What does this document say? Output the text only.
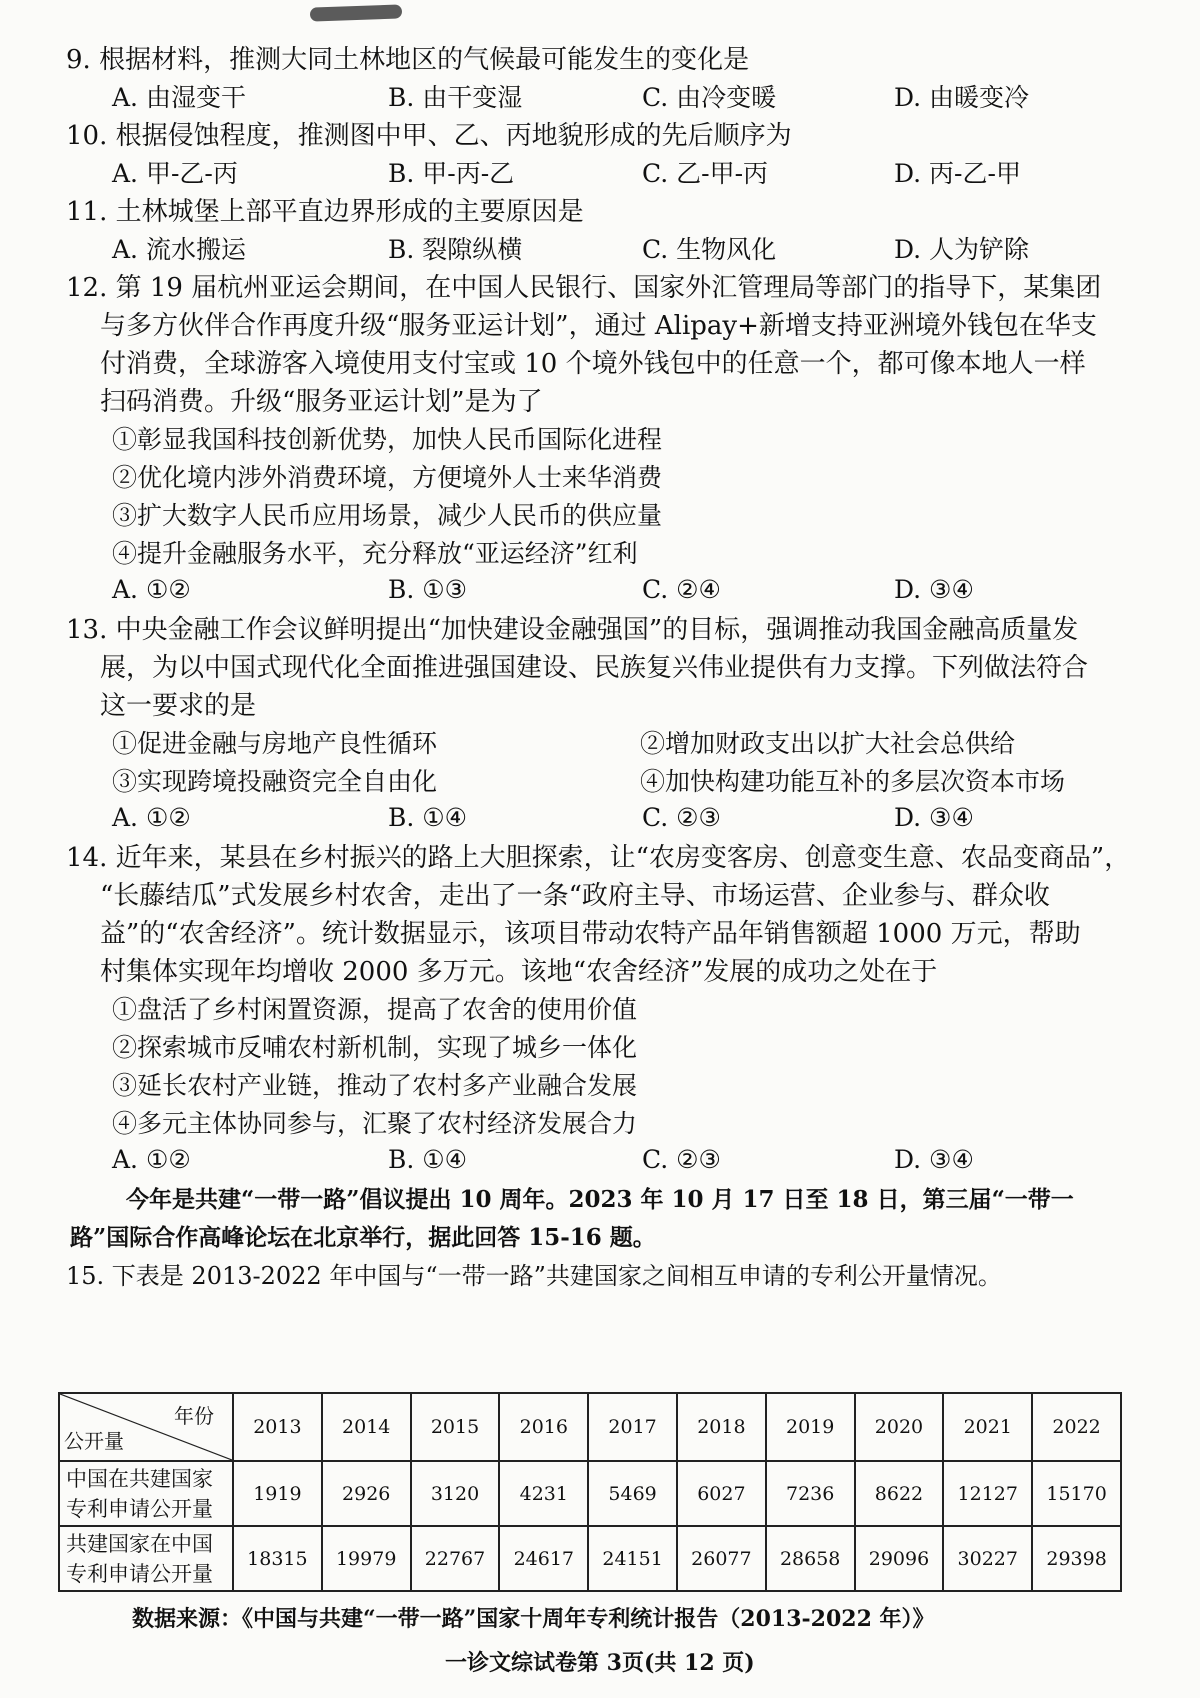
9. 根据材料，推测大同土林地区的气候最可能发生的变化是
A. 由湿变干	B. 由干变湿	C. 由冷变暖	D. 由暖变冷
10. 根据侵蚀程度，推测图中甲、乙、丙地貌形成的先后顺序为
A. 甲-乙-丙	B. 甲-丙-乙	C. 乙-甲-丙	D. 丙-乙-甲
11. 土林城堡上部平直边界形成的主要原因是
A. 流水搬运	B. 裂隙纵横	C. 生物风化	D. 人为铲除
12. 第 19 届杭州亚运会期间，在中国人民银行、国家外汇管理局等部门的指导下，某集团
与多方伙伴合作再度升级“服务亚运计划”，通过 Alipay+新增支持亚洲境外钱包在华支
付消费，全球游客入境使用支付宝或 10 个境外钱包中的任意一个，都可像本地人一样
扫码消费。升级“服务亚运计划”是为了
①彰显我国科技创新优势，加快人民币国际化进程
②优化境内涉外消费环境，方便境外人士来华消费
③扩大数字人民币应用场景，减少人民币的供应量
④提升金融服务水平，充分释放“亚运经济”红利
A. ①②	B. ①③	C. ②④	D. ③④
13. 中央金融工作会议鲜明提出“加快建设金融强国”的目标，强调推动我国金融高质量发
展，为以中国式现代化全面推进强国建设、民族复兴伟业提供有力支撑。下列做法符合
这一要求的是
①促进金融与房地产良性循环	②增加财政支出以扩大社会总供给
③实现跨境投融资完全自由化	④加快构建功能互补的多层次资本市场
A. ①②	B. ①④	C. ②③	D. ③④
14. 近年来，某县在乡村振兴的路上大胆探索，让“农房变客房、创意变生意、农品变商品”，
“长藤结瓜”式发展乡村农舍，走出了一条“政府主导、市场运营、企业参与、群众收
益”的“农舍经济”。统计数据显示，该项目带动农特产品年销售额超 1000 万元，帮助
村集体实现年均增收 2000 多万元。该地“农舍经济”发展的成功之处在于
①盘活了乡村闲置资源，提高了农舍的使用价值
②探索城市反哺农村新机制，实现了城乡一体化
③延长农村产业链，推动了农村多产业融合发展
④多元主体协同参与，汇聚了农村经济发展合力
A. ①②	B. ①④	C. ②③	D. ③④
今年是共建“一带一路”倡议提出 10 周年。2023 年 10 月 17 日至 18 日，第三届“一带一
路”国际合作高峰论坛在北京举行，据此回答 15-16 题。
15. 下表是 2013-2022 年中国与“一带一路”共建国家之间相互申请的专利公开量情况。
年份
公开量	2013	2014	2015	2016	2017	2018	2019	2020	2021	2022

中国在共建国家
专利申请公开量	1919	2926	3120	4231	5469	6027	7236	8622	12127	15170

共建国家在中国
专利申请公开量	18315	19979	22767	24617	24151	26077	28658	29096	30227	29398
数据来源：《中国与共建“一带一路”国家十周年专利统计报告（2013-2022 年）》
一诊文综试卷第 3页(共 12 页)
